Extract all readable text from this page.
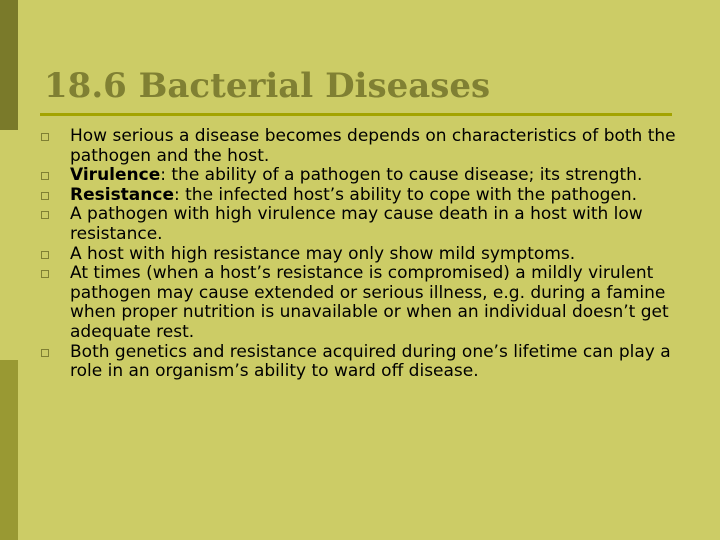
18.6 Bacterial Diseases
How serious a disease becomes depends on characteristics of both the pathogen and the host.
Virulence: the ability of a pathogen to cause disease; its strength.
Resistance: the infected host’s ability to cope with the pathogen.
A pathogen with high virulence may cause death in a host with low resistance.
A host with high resistance may only show mild symptoms.
At times (when a host’s resistance is compromised) a mildly virulent pathogen may cause extended or serious illness, e.g. during a famine when proper nutrition is unavailable or when an individual doesn’t get adequate rest.
Both genetics and resistance acquired during one’s lifetime can play a role in an organism’s ability to ward off disease.
